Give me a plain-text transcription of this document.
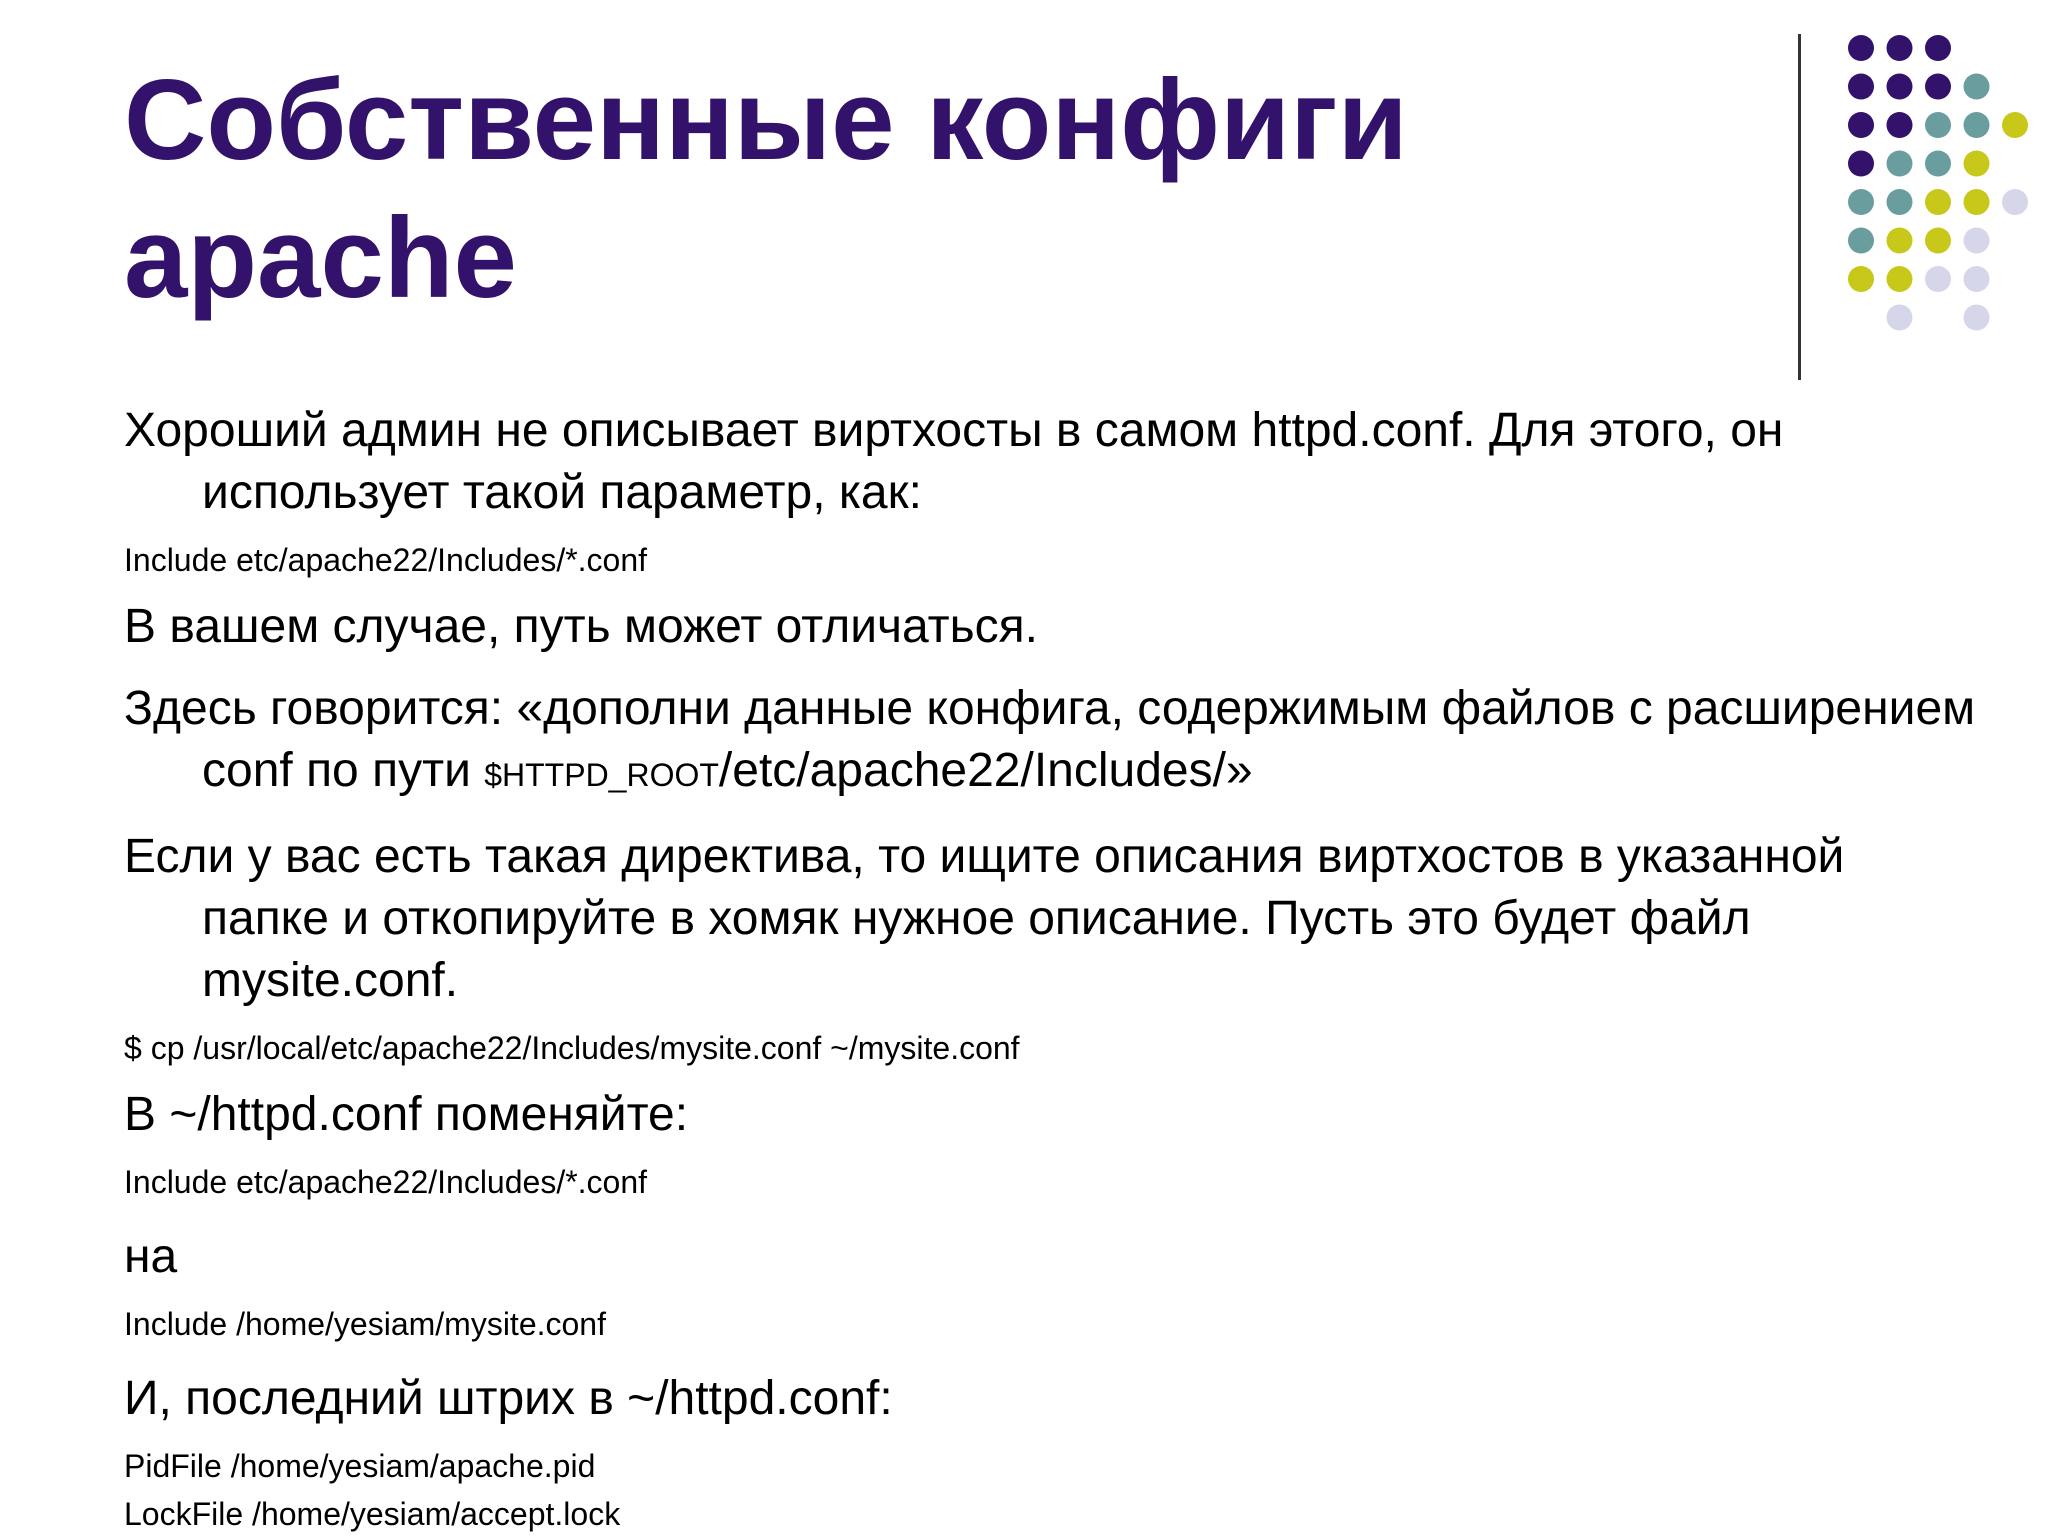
Собственные конфиги
apache

Хороший админ не описывает виртхосты в самом httpd.conf. Для этого, он использует такой параметр, как:

Include etc/apache22/Includes/*.conf

В вашем случае, путь может отличаться.

Здесь говорится: «дополни данные конфига, содержимым файлов с расширением conf по пути $HTTPD_ROOT/etc/apache22/Includes/»

Если у вас есть такая директива, то ищите описания виртхостов в указанной папке и откопируйте в хомяк нужное описание. Пусть это будет файл mysite.conf.

$ cp /usr/local/etc/apache22/Includes/mysite.conf ~/mysite.conf

В ~/httpd.conf поменяйте:

Include etc/apache22/Includes/*.conf

на

Include /home/yesiam/mysite.conf

И, последний штрих в ~/httpd.conf:

PidFile /home/yesiam/apache.pid

LockFile /home/yesiam/accept.lock
